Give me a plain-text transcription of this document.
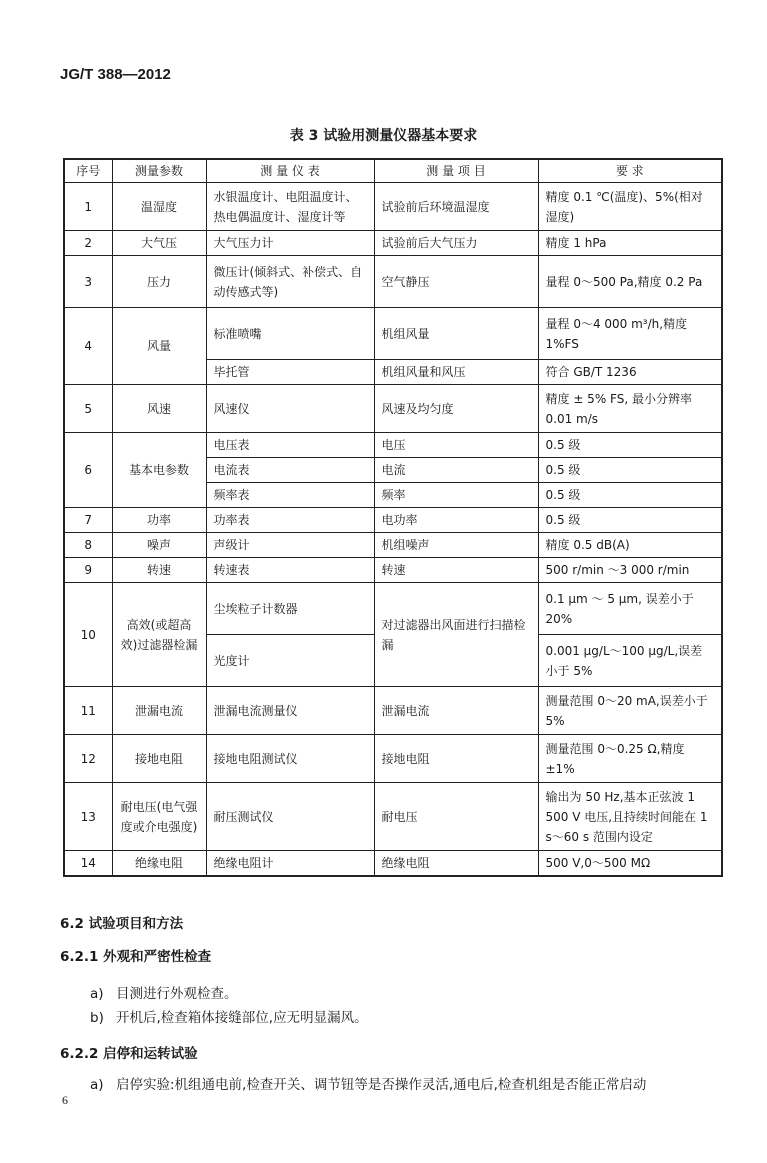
JG/T 388—2012
表 3 试验用测量仪器基本要求
序号	测量参数	测 量 仪 表	测 量 项 目	要 求
1	温湿度	水银温度计、电阻温度计、热电偶温度计、湿度计等	试验前后环境温湿度	精度 0.1 ℃(温度)、5%(相对湿度)
2	大气压	大气压力计	试验前后大气压力	精度 1 hPa
3	压力	微压计(倾斜式、补偿式、自动传感式等)	空气静压	量程 0～500 Pa,精度 0.2 Pa
4	风量	标准喷嘴	机组风量	量程 0～4 000 m³/h,精度 1%FS
		毕托管	机组风量和风压	符合 GB/T 1236
5	风速	风速仪	风速及均匀度	精度 ± 5% FS, 最小分辨率 0.01 m/s
6	基本电参数	电压表	电压	0.5 级
		电流表	电流	0.5 级
		频率表	频率	0.5 级
7	功率	功率表	电功率	0.5 级
8	噪声	声级计	机组噪声	精度 0.5 dB(A)
9	转速	转速表	转速	500 r/min ～3 000 r/min
10	高效(或超高效)过滤器检漏	尘埃粒子计数器	对过滤器出风面进行扫描检漏	0.1 μm ～ 5 μm, 误差小于 20%
		光度计		0.001 μg/L～100 μg/L,误差小于 5%
11	泄漏电流	泄漏电流测量仪	泄漏电流	测量范围 0～20 mA,误差小于 5%
12	接地电阻	接地电阻测试仪	接地电阻	测量范围 0～0.25 Ω,精度 ±1%
13	耐电压(电气强度或介电强度)	耐压测试仪	耐电压	输出为 50 Hz,基本正弦波 1 500 V 电压,且持续时间能在 1 s～60 s 范围内设定
14	绝缘电阻	绝缘电阻计	绝缘电阻	500 V,0～500 MΩ
6.2 试验项目和方法
6.2.1 外观和严密性检查
a) 目测进行外观检查。
b) 开机后,检查箱体接缝部位,应无明显漏风。
6.2.2 启停和运转试验
a) 启停实验:机组通电前,检查开关、调节钮等是否操作灵活,通电后,检查机组是否能正常启动
6
